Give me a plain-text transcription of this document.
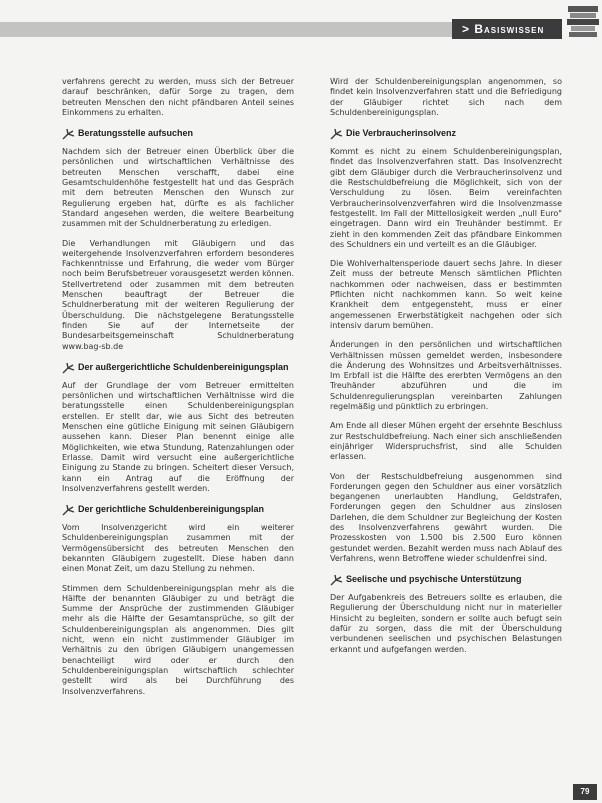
> Basiswissen

verfahrens gerecht zu werden, muss sich der Betreuer darauf beschränken, dafür Sorge zu tragen, dem betreuten Menschen den nicht pfändbaren Anteil seines Einkommens zu erhalten.

Beratungsstelle aufsuchen

Nachdem sich der Betreuer einen Überblick über die persönlichen und wirtschaftlichen Verhältnisse des betreuten Menschen verschafft, dabei eine Gesamtschuldenhöhe festgestellt hat und das Gespräch mit dem betreuten Menschen den Wunsch zur Regulierung ergeben hat, dürfte es als fachlicher Standard angesehen werden, die weitere Bearbeitung zusammen mit der Schuldnerberatung zu erledigen.

Die Verhandlungen mit Gläubigern und das weitergehende Insolvenzverfahren erfordern besonderes Fachkenntnisse und Erfahrung, die weder vom Bürger noch beim Berufsbetreuer vorausgesetzt werden können. Stellvertretend oder zusammen mit dem betreuten Menschen beauftragt der Betreuer die Schuldnerberatung mit der weiteren Regulierung der Überschuldung. Die nächstgelegene Beratungsstelle finden Sie auf der Internetseite der Bundesarbeitsgemeinschaft Schuldnerberatung www.bag-sb.de

Der außergerichtliche Schuldenbereinigungsplan

Auf der Grundlage der vom Betreuer ermittelten persönlichen und wirtschaftlichen Verhältnisse wird die beratungsstelle einen Schuldenbereinigungsplan erstellen. Er stellt dar, wie aus Sicht des betreuten Menschen eine gütliche Einigung mit seinen Gläubigern aussehen kann. Dieser Plan benennt einige alle Möglichkeiten, wie etwa Stundung, Ratenzahlungen oder Erlasse. Damit wird versucht eine außergerichtliche Einigung zu Stande zu bringen. Scheitert dieser Versuch, kann ein Antrag auf die Eröffnung der Insolvenzverfahrens gestellt werden.

Der gerichtliche Schuldenbereinigungsplan

Vom Insolvenzgericht wird ein weiterer Schuldenbereinigungsplan zusammen mit der Vermögensübersicht des betreuten Menschen den bekannten Gläubigern zugestellt. Diese haben dann einen Monat Zeit, um dazu Stellung zu nehmen.

Stimmen dem Schuldenbereinigungsplan mehr als die Hälfte der benannten Gläubiger zu und beträgt die Summe der Ansprüche der zustimmenden Gläubiger mehr als die Hälfte der Gesamtansprüche, so gilt der Schuldenbereinigungsplan als angenommen. Dies gilt nicht, wenn ein nicht zustimmender Gläubiger im Verhältnis zu den übrigen Gläubigern unangemessen benachteiligt wird oder er durch den Schuldenbereinigungsplan wirtschaftlich schlechter gestellt wird als bei Durchführung des Insolvenzverfahrens.

Wird der Schuldenbereinigungsplan angenommen, so findet kein Insolvenzverfahren statt und die Befriedigung der Gläubiger richtet sich nach dem Schuldenbereinigungsplan.

Die Verbraucherinsolvenz

Kommt es nicht zu einem Schuldenbereinigungsplan, findet das Insolvenzverfahren statt. Das Insolvenzrecht gibt dem Gläubiger durch die Verbraucherinsolvenz und die Restschuldbefreiung die Möglichkeit, sich von der Verschuldung zu lösen. Beim vereinfachten Verbraucherinsolvenzverfahren wird die Insolvenzmasse festgestellt. Im Fall der Mittellosigkeit werden „null Euro" eingetragen. Dann wird ein Treuhänder bestimmt. Er zieht in den kommenden Zeit das pfändbare Einkommen des Schuldners ein und verteilt es an die Gläubiger.

Die Wohlverhaltensperiode dauert sechs Jahre. In dieser Zeit muss der betreute Mensch sämtlichen Pflichten nachkommen oder nachweisen, dass er bestimmten Pflichten nicht nachkommen kann. So weit keine Krankheit dem entgegensteht, muss er einer angemessenen Erwerbstätigkeit nachgehen oder sich intensiv darum bemühen.

Änderungen in den persönlichen und wirtschaftlichen Verhältnissen müssen gemeldet werden, insbesondere die Änderung des Wohnsitzes und Arbeitsverhältnisses. Im Erbfall ist die Hälfte des ererbten Vermögens an den Treuhänder abzuführen und die im Schuldenregulierungsplan vereinbarten Zahlungen regelmäßig und pünktlich zu erbringen.

Am Ende all dieser Mühen ergeht der ersehnte Beschluss zur Restschuldbefreiung. Nach einer sich anschließenden einjähriger Widerspruchsfrist, sind alle Schulden erlassen.

Von der Restschuldbefreiung ausgenommen sind Forderungen gegen den Schuldner aus einer vorsätzlich begangenen unerlaubten Handlung, Geldstrafen, Forderungen gegen den Schuldner aus zinslosen Darlehen, die dem Schuldner zur Begleichung der Kosten des Insolvenzverfahrens gewährt wurden. Die Prozesskosten von 1.500 bis 2.500 Euro können gestundet werden. Bezahlt werden muss nach Ablauf des Verfahrens, wenn Betroffene wieder schuldenfrei sind.

Seelische und psychische Unterstützung

Der Aufgabenkreis des Betreuers sollte es erlauben, die Regulierung der Überschuldung nicht nur in materieller Hinsicht zu begleiten, sondern er sollte auch befugt sein dafür zu sorgen, dass die mit der Überschuldung verbundenen seelischen und psychischen Belastungen erkannt und aufgefangen werden.

79
